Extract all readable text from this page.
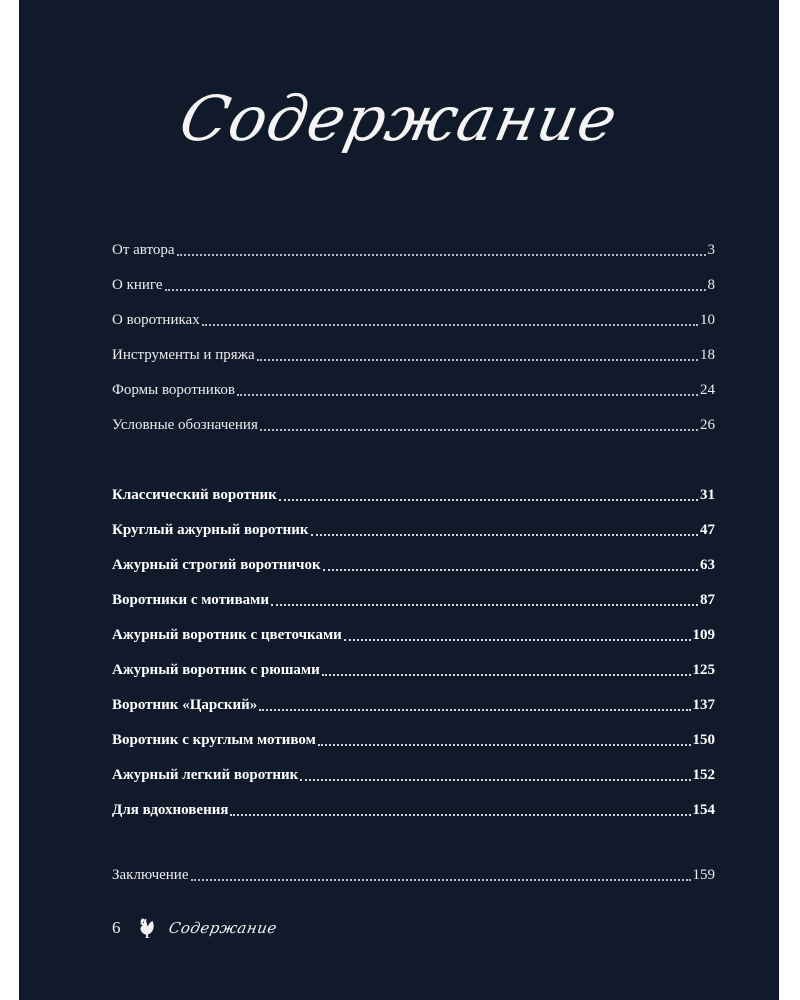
Содержание
От автора	3
О книге	8
О воротниках	10
Инструменты и пряжа	18
Формы воротников	24
Условные обозначения	26
Классический воротник	31
Круглый ажурный воротник	47
Ажурный строгий воротничок	63
Воротники с мотивами	87
Ажурный воротник с цветочками	109
Ажурный воротник с рюшами	125
Воротник «Царский»	137
Воротник с круглым мотивом	150
Ажурный легкий воротник	152
Для вдохновения	154
Заключение	159
6	Содержание
